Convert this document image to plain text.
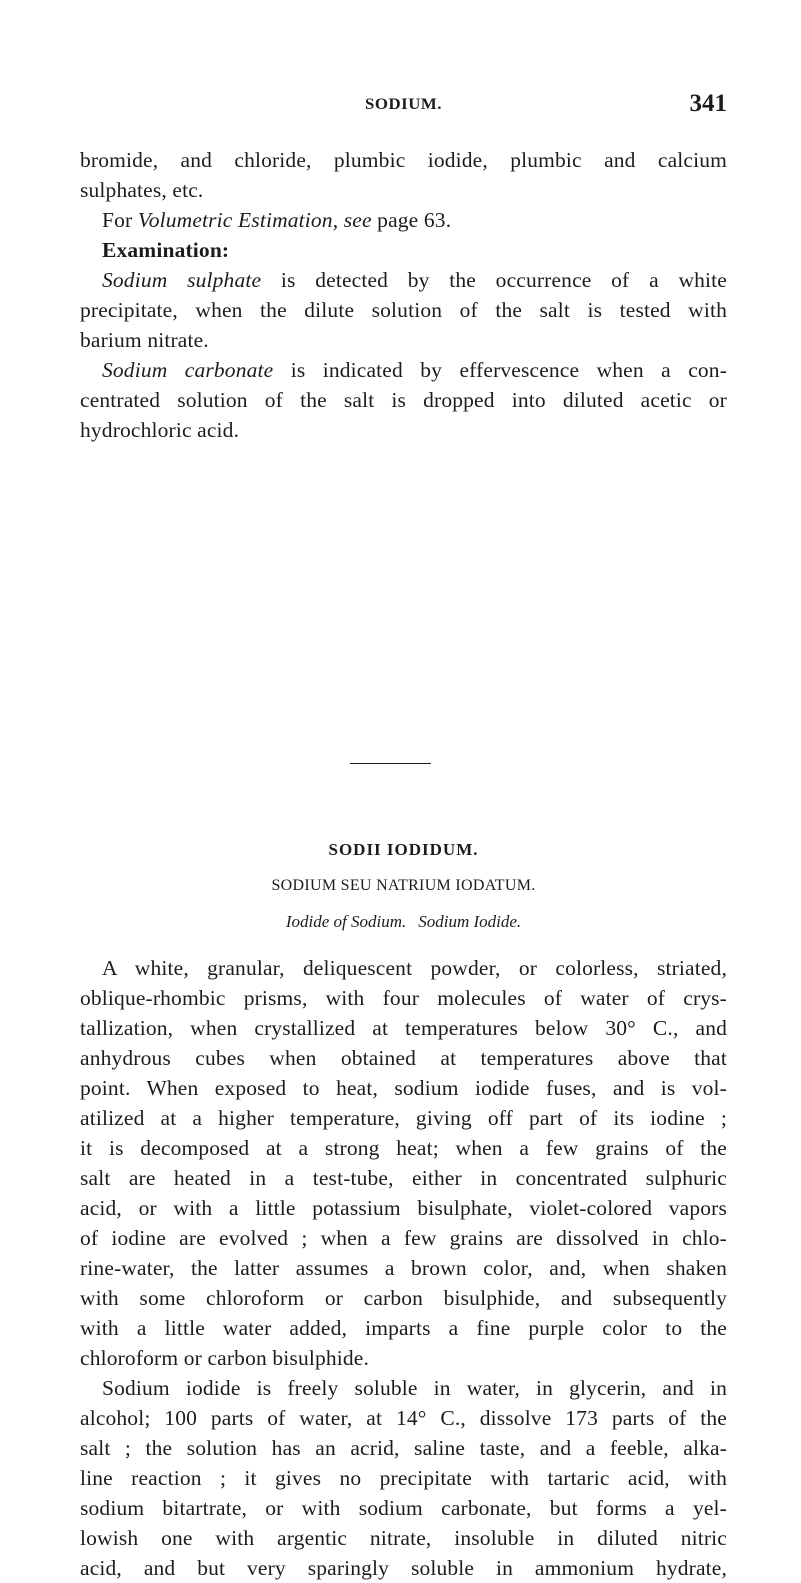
SODIUM.	341
bromide, and chloride, plumbic iodide, plumbic and calcium
sulphates, etc.
For Volumetric Estimation, see page 63.
Examination:
Sodium sulphate is detected by the occurrence of a white
precipitate, when the dilute solution of the salt is tested with
barium nitrate.
Sodium carbonate is indicated by effervescence when a con-
centrated solution of the salt is dropped into diluted acetic or
hydrochloric acid.
SODII IODIDUM.
SODIUM SEU NATRIUM IODATUM.
Iodide of Sodium. Sodium Iodide.
A white, granular, deliquescent powder, or colorless, striated,
oblique-rhombic prisms, with four molecules of water of crys-
tallization, when crystallized at temperatures below 30° C., and
anhydrous cubes when obtained at temperatures above that
point. When exposed to heat, sodium iodide fuses, and is vol-
atilized at a higher temperature, giving off part of its iodine ;
it is decomposed at a strong heat; when a few grains of the
salt are heated in a test-tube, either in concentrated sulphuric
acid, or with a little potassium bisulphate, violet-colored vapors
of iodine are evolved ; when a few grains are dissolved in chlo-
rine-water, the latter assumes a brown color, and, when shaken
with some chloroform or carbon bisulphide, and subsequently
with a little water added, imparts a fine purple color to the
chloroform or carbon bisulphide.
Sodium iodide is freely soluble in water, in glycerin, and in
alcohol; 100 parts of water, at 14° C., dissolve 173 parts of the
salt ; the solution has an acrid, saline taste, and a feeble, alka-
line reaction ; it gives no precipitate with tartaric acid, with
sodium bitartrate, or with sodium carbonate, but forms a yel-
lowish one with argentic nitrate, insoluble in diluted nitric
acid, and but very sparingly soluble in ammonium hydrate,
